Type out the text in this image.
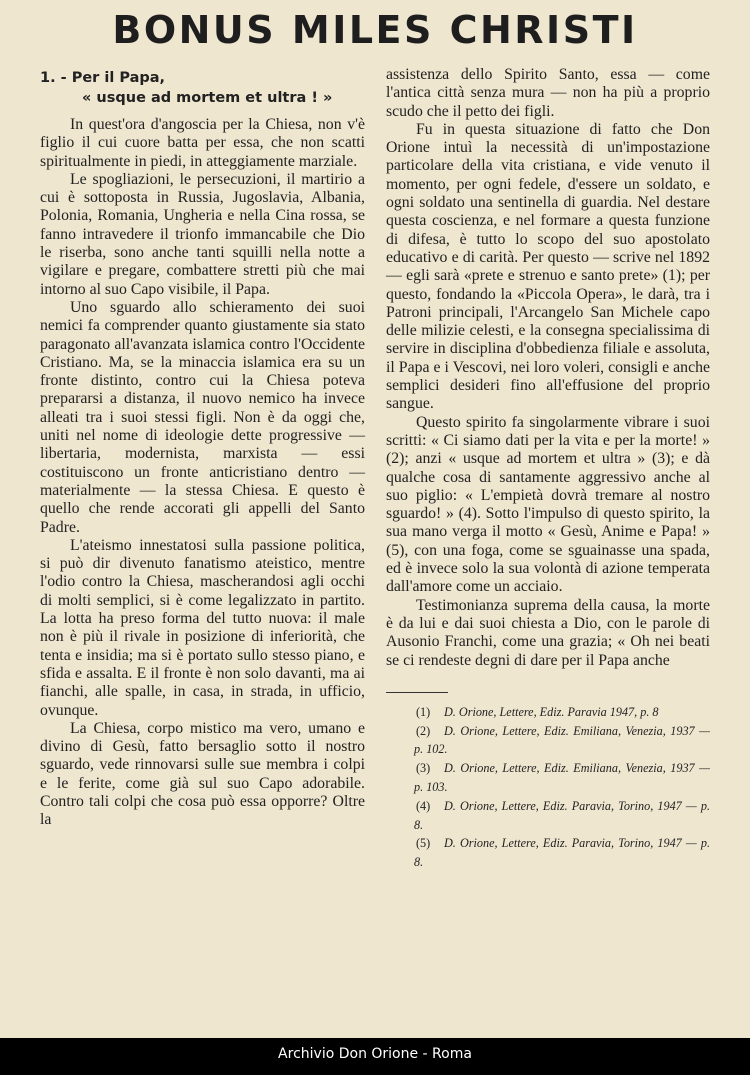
BONUS MILES CHRISTI
1. - Per il Papa,
« usque ad mortem et ultra ! »

In quest'ora d'angoscia per la Chiesa, non v'è figlio il cui cuore batta per essa, che non scatti spiritualmente in piedi, in atteggiamente marziale.

Le spogliazioni, le persecuzioni, il martirio a cui è sottoposta in Russia, Jugoslavia, Albania, Polonia, Romania, Ungheria e nella Cina rossa, se fanno intravedere il trionfo immancabile che Dio le riserba, sono anche tanti squilli nella notte a vigilare e pregare, combattere stretti più che mai intorno al suo Capo visibile, il Papa.

Uno sguardo allo schieramento dei suoi nemici fa comprender quanto giustamente sia stato paragonato all'avanzata islamica contro l'Occidente Cristiano. Ma, se la minaccia islamica era su un fronte distinto, contro cui la Chiesa poteva prepararsi a distanza, il nuovo nemico ha invece alleati tra i suoi stessi figli. Non è da oggi che, uniti nel nome di ideologie dette progressive — libertaria, modernista, marxista — essi costituiscono un fronte anticristiano dentro — materialmente — la stessa Chiesa. E questo è quello che rende accorati gli appelli del Santo Padre.

L'ateismo innestatosi sulla passione politica, si può dir divenuto fanatismo ateistico, mentre l'odio contro la Chiesa, mascherandosi agli occhi di molti semplici, si è come legalizzato in partito. La lotta ha preso forma del tutto nuova: il male non è più il rivale in posizione di inferiorità, che tenta e insidia; ma si è portato sullo stesso piano, e sfida e assalta. E il fronte è non solo davanti, ma ai fianchi, alle spalle, in casa, in strada, in ufficio, ovunque.

La Chiesa, corpo mistico ma vero, umano e divino di Gesù, fatto bersaglio sotto il nostro sguardo, vede rinnovarsi sulle sue membra i colpi e le ferite, come già sul suo Capo adorabile. Contro tali colpi che cosa può essa opporre? Oltre la

assistenza dello Spirito Santo, essa — come l'antica città senza mura — non ha più a proprio scudo che il petto dei figli.

Fu in questa situazione di fatto che Don Orione intuì la necessità di un'impostazione particolare della vita cristiana, e vide venuto il momento, per ogni fedele, d'essere un soldato, e ogni soldato una sentinella di guardia. Nel destare questa coscienza, e nel formare a questa funzione di difesa, è tutto lo scopo del suo apostolato educativo e di carità. Per questo — scrive nel 1892 — egli sarà «prete e strenuo e santo prete» (1); per questo, fondando la «Piccola Opera», le darà, tra i Patroni principali, l'Arcangelo San Michele capo delle milizie celesti, e la consegna specialissima di servire in disciplina d'obbedienza filiale e assoluta, il Papa e i Vescovi, nei loro voleri, consigli e anche semplici desideri fino all'effusione del proprio sangue.

Questo spirito fa singolarmente vibrare i suoi scritti: « Ci siamo dati per la vita e per la morte! » (2); anzi « usque ad mortem et ultra » (3); e dà qualche cosa di santamente aggressivo anche al suo piglio: « L'empietà dovrà tremare al nostro sguardo! » (4). Sotto l'impulso di questo spirito, la sua mano verga il motto « Gesù, Anime e Papa! » (5), con una foga, come se sguainasse una spada, ed è invece solo la sua volontà di azione temperata dall'amore come un acciaio.

Testimonianza suprema della causa, la morte è da lui e dai suoi chiesta a Dio, con le parole di Ausonio Franchi, come una grazia; « Oh nei beati se ci rendeste degni di dare per il Papa anche

(1)	D. Orione, Lettere, Ediz. Paravia 1947, p. 8

(2)	D. Orione, Lettere, Ediz. Emiliana, Venezia, 1937 — p. 102.

(3)	D. Orione, Lettere, Ediz. Emiliana, Venezia, 1937 — p. 103.

(4)	D. Orione, Lettere, Ediz. Paravia, Torino, 1947 — p. 8.

(5)	D. Orione, Lettere, Ediz. Paravia, Torino, 1947 — p. 8.

Archivio Don Orione - Roma
